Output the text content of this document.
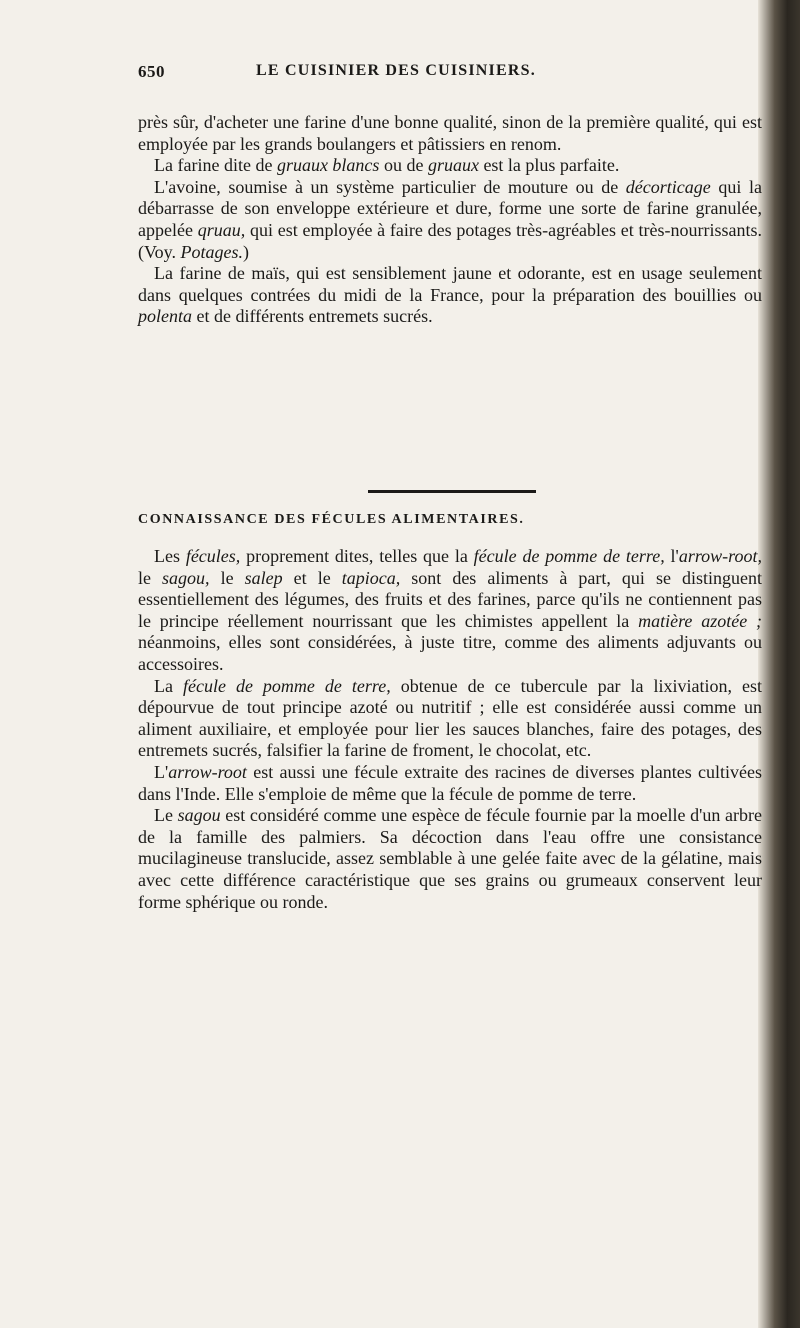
650	LE CUISINIER DES CUISINIERS.

près sûr, d'acheter une farine d'une bonne qualité, sinon de la première qualité, qui est employée par les grands boulangers et pâtissiers en renom.

La farine dite de gruaux blancs ou de gruaux est la plus parfaite.

L'avoine, soumise à un système particulier de mouture ou de décorticage qui la débarrasse de son enveloppe extérieure et dure, forme une sorte de farine granulée, appelée qruau, qui est employée à faire des potages très-agréables et très-nourrissants. (Voy. Potages.)

La farine de maïs, qui est sensiblement jaune et odorante, est en usage seulement dans quelques contrées du midi de la France, pour la préparation des bouillies ou polenta et de différents entremets sucrés.

CONNAISSANCE DES FÉCULES ALIMENTAIRES.

Les fécules, proprement dites, telles que la fécule de pomme de terre, l'arrow-root, le sagou, le salep et le tapioca, sont des aliments à part, qui se distinguent essentiellement des légumes, des fruits et des farines, parce qu'ils ne contiennent pas le principe réellement nourrissant que les chimistes appellent la matière azotée ; néanmoins, elles sont considérées, à juste titre, comme des aliments adjuvants ou accessoires.

La fécule de pomme de terre, obtenue de ce tubercule par la lixiviation, est dépourvue de tout principe azoté ou nutritif ; elle est considérée aussi comme un aliment auxiliaire, et employée pour lier les sauces blanches, faire des potages, des entremets sucrés, falsifier la farine de froment, le chocolat, etc.

L'arrow-root est aussi une fécule extraite des racines de diverses plantes cultivées dans l'Inde. Elle s'emploie de même que la fécule de pomme de terre.

Le sagou est considéré comme une espèce de fécule fournie par la moelle d'un arbre de la famille des palmiers. Sa décoction dans l'eau offre une consistance mucilagineuse translucide, assez semblable à une gelée faite avec de la gélatine, mais avec cette différence caractéristique que ses grains ou grumeaux conservent leur forme sphérique ou ronde.
